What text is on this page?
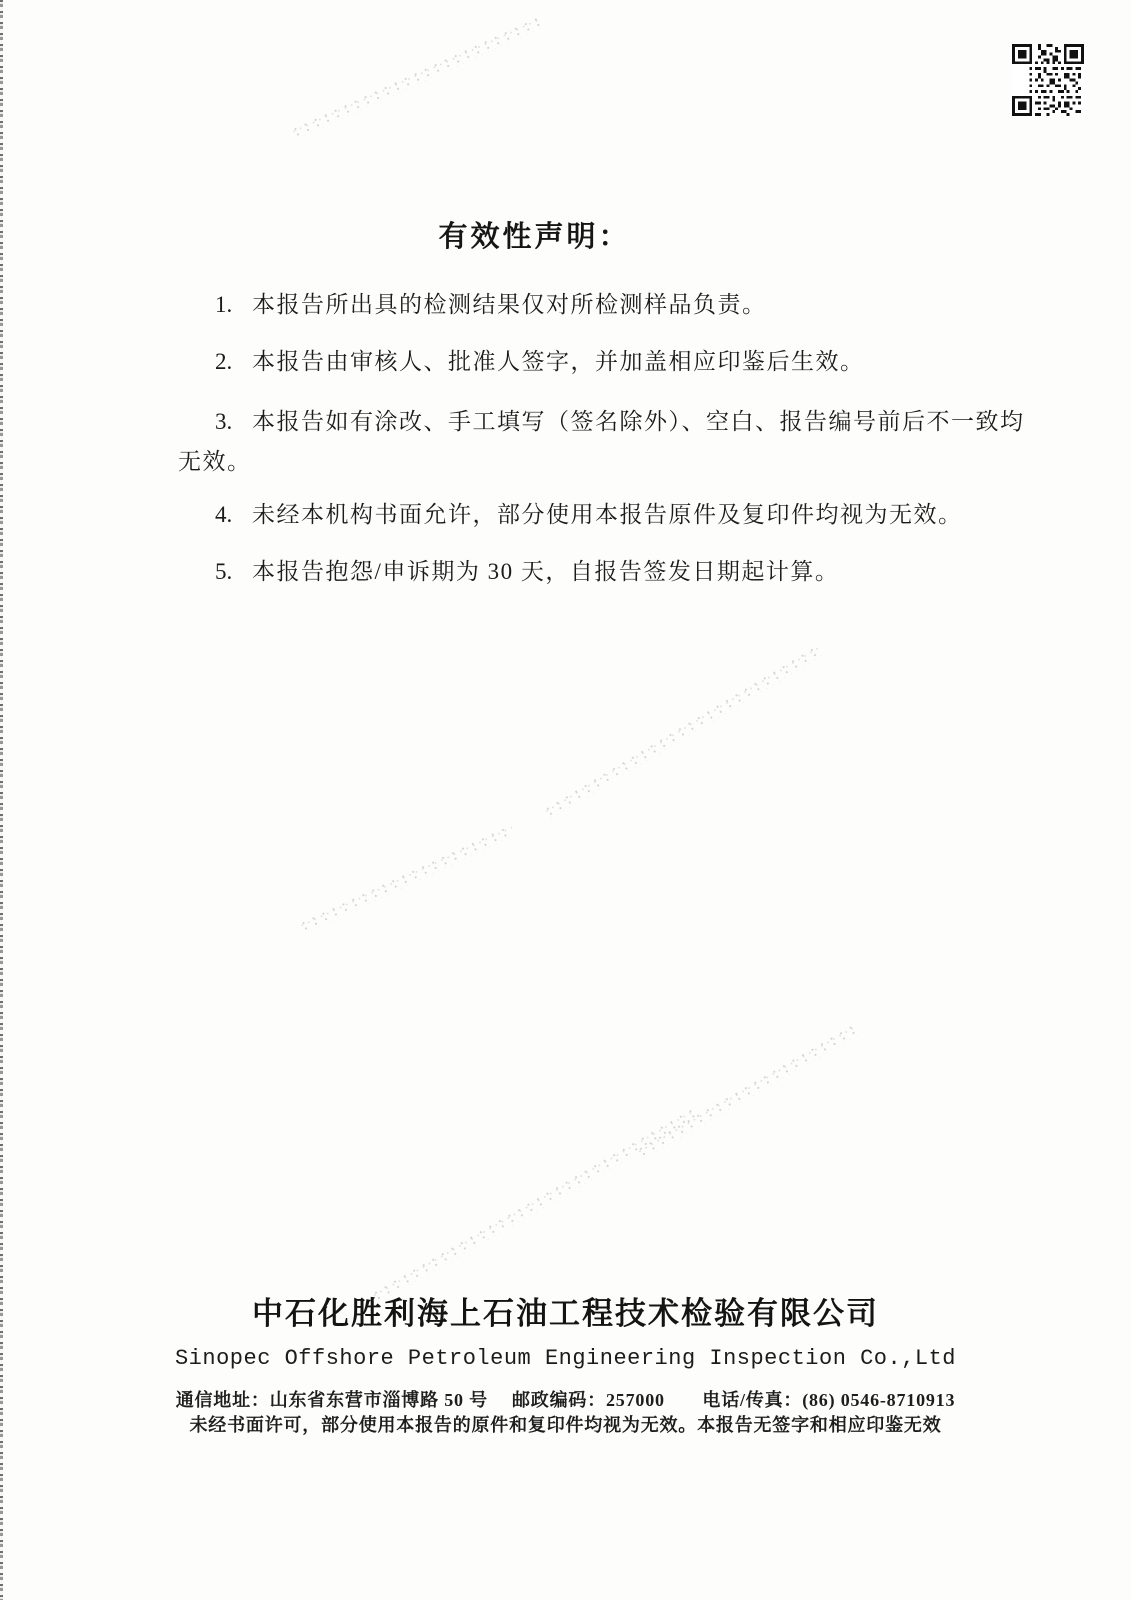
有效性声明：
1. 本报告所出具的检测结果仅对所检测样品负责。
2. 本报告由审核人、批准人签字，并加盖相应印鉴后生效。
3. 本报告如有涂改、手工填写（签名除外）、空白、报告编号前后不一致均
无效。
4. 未经本机构书面允许，部分使用本报告原件及复印件均视为无效。
5. 本报告抱怨/申诉期为 30 天，自报告签发日期起计算。
中石化胜利海上石油工程技术检验有限公司
Sinopec Offshore Petroleum Engineering Inspection Co.,Ltd
通信地址：山东省东营市淄博路 50 号　 邮政编码：257000　　电话/传真：(86) 0546-8710913
未经书面许可，部分使用本报告的原件和复印件均视为无效。本报告无签字和相应印鉴无效
